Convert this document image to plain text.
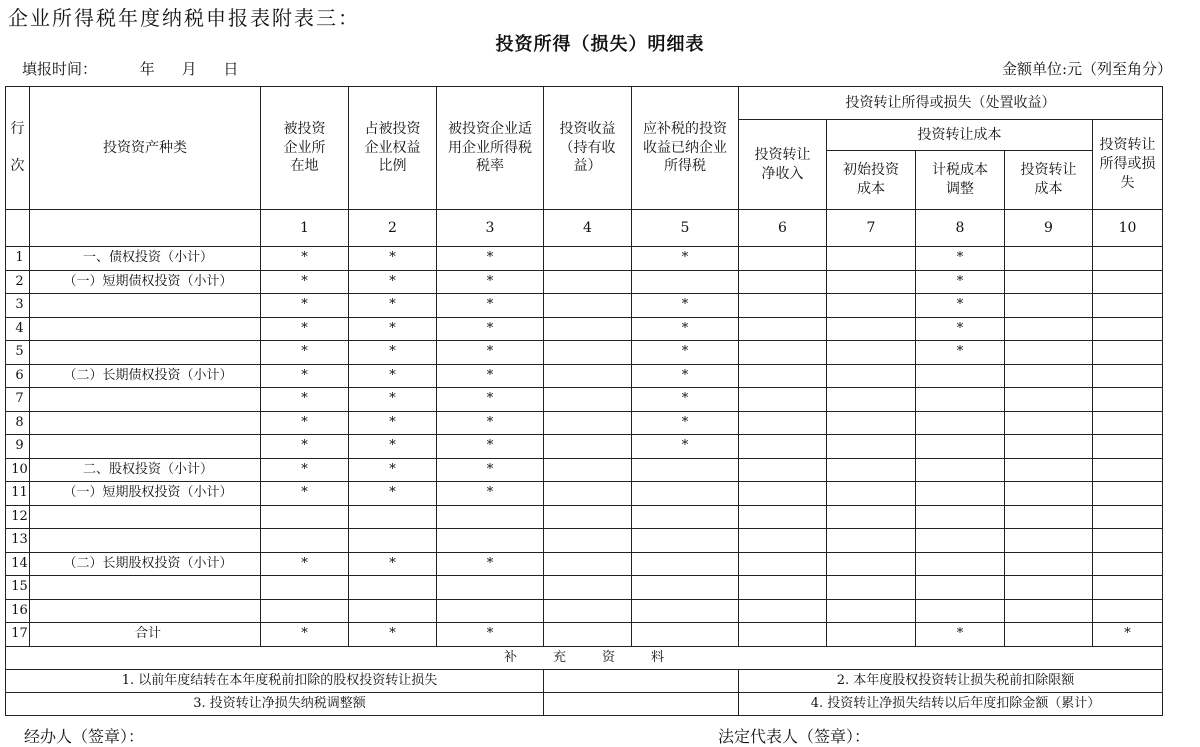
企业所得税年度纳税申报表附表三：
投资所得（损失）明细表
填报时间：	年 月 日	金额单位:元（列至角分）
行

次	投资资产种类	被投资企业所在地	占被投资企业权益比例	被投资企业适用企业所得税税率	投资收益（持有收益）	应补税的投资收益已纳企业所得税	投资转让所得或损失（处置收益）				
							投资转让净收入	投资转让成本			投资转让所得或损失
								初始投资成本	计税成本调整	投资转让成本	
		1	2	3	4	5	6	7	8	9	10
1	一、债权投资（小计）	*	*	*		*			*		
2	（一）短期债权投资（小计）	*	*	*					*		
3		*	*	*		*			*		
4		*	*	*		*			*		
5		*	*	*		*			*		
6	（二）长期债权投资（小计）	*	*	*		*					
7		*	*	*		*					
8		*	*	*		*					
9		*	*	*		*					
10	二、股权投资（小计）	*	*	*							
11	（一）短期股权投资（小计）	*	*	*							
12											
13											
14	（二）长期股权投资（小计）	*	*	*							
15											
16											
17	合计	*	*	*					*		*
补充资料											
1. 以前年度结转在本年度税前扣除的股权投资转让损失							2. 本年度股权投资转让损失税前扣除限额				
3. 投资转让净损失纳税调整额							4. 投资转让净损失结转以后年度扣除金额（累计）				
经办人（签章）：	法定代表人（签章）：
